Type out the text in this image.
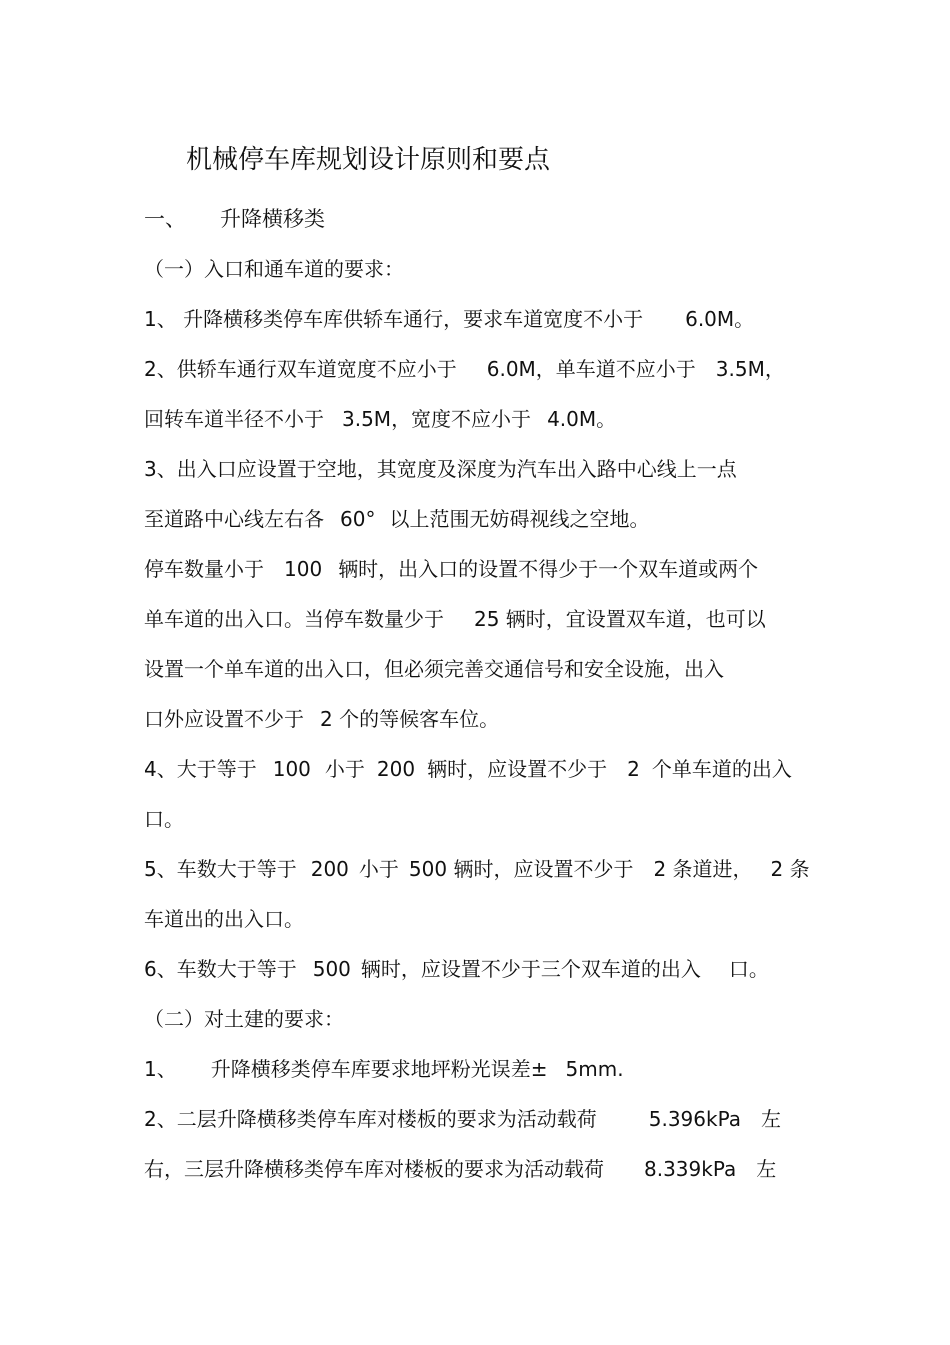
机械停车库规划设计原则和要点
一、 升降横移类
（一）入口和通车道的要求：
1、 升降横移类停车库供轿车通行，要求车道宽度不小于 6.0M。
2、供轿车通行双车道宽度不应小于 6.0M，单车道不应小于 3.5M，
回转车道半径不小于 3.5M，宽度不应小于 4.0M。
3、出入口应设置于空地，其宽度及深度为汽车出入路中心线上一点
至道路中心线左右各 60° 以上范围无妨碍视线之空地。
停车数量小于 100 辆时，出入口的设置不得少于一个双车道或两个
单车道的出入口。当停车数量少于 25 辆时，宜设置双车道，也可以
设置一个单车道的出入口，但必须完善交通信号和安全设施，出入
口外应设置不少于 2 个的等候客车位。
4、大于等于 100 小于 200 辆时，应设置不少于 2 个单车道的出入
口。
5、车数大于等于 200 小于 500 辆时，应设置不少于 2 条道进， 2 条
车道出的出入口。
6、车数大于等于 500 辆时，应设置不少于三个双车道的出入 口。
（二）对土建的要求：
1、 升降横移类停车库要求地坪粉光误差± 5mm.
2、二层升降横移类停车库对楼板的要求为活动载荷	5.396kPa 左
右，三层升降横移类停车库对楼板的要求为活动载荷 8.339kPa 左
